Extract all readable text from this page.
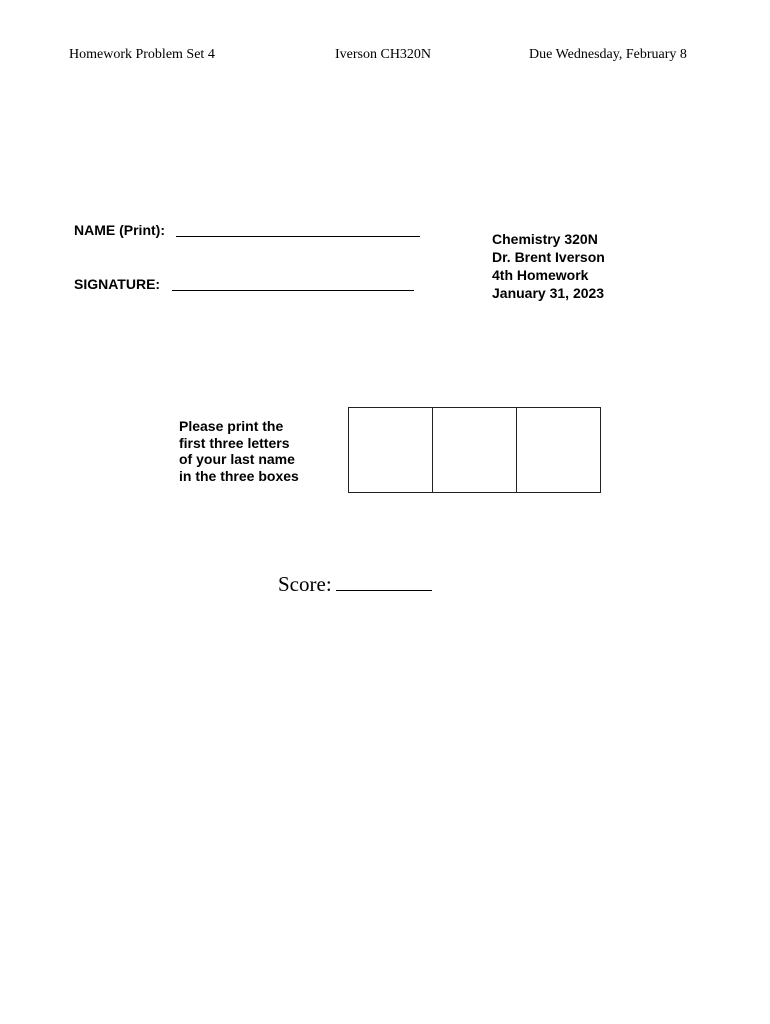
Homework Problem Set 4	Iverson CH320N	Due Wednesday, February 8
NAME (Print):
SIGNATURE:
Chemistry 320N
Dr. Brent Iverson
4th Homework
January 31, 2023
Please print the
first three letters
of your last name
in the three boxes
Score:
